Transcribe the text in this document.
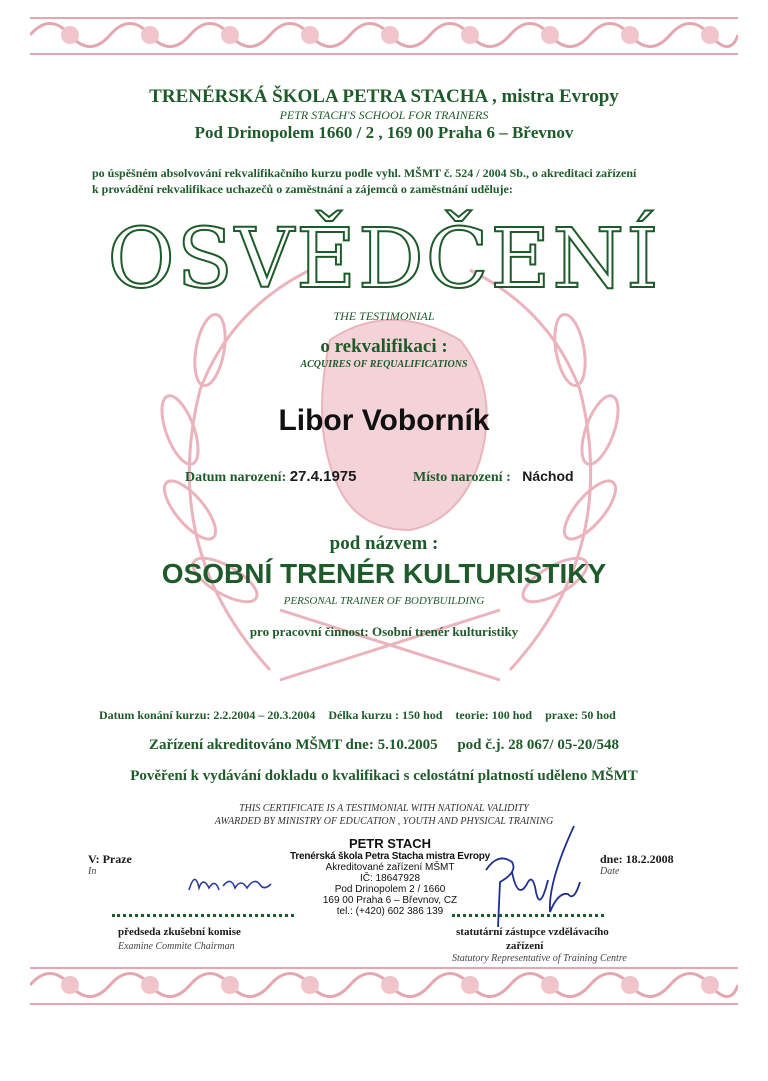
TRENÉRSKÁ ŠKOLA PETRA STACHA , mistra Evropy
PETR STACH'S SCHOOL FOR TRAINERS
Pod Drinopolem 1660 / 2 , 169 00 Praha 6 – Břevnov
po úspěšném absolvování rekvalifikačního kurzu podle vyhl. MŠMT č. 524 / 2004 Sb., o akreditaci zařízení
k provádění rekvalifikace uchazečů o zaměstnání a zájemců o zaměstnání uděluje:
OSVĚDČENÍ
THE TESTIMONIAL
o rekvalifikaci :
ACQUIRES OF REQUALIFICATIONS
Libor Voborník
Datum narození: 27.4.1975	Místo narození : Náchod
pod názvem :
OSOBNÍ TRENÉR KULTURISTIKY
PERSONAL TRAINER OF BODYBUILDING
pro pracovní činnost: Osobní trenér kulturistiky
Datum konání kurzu: 2.2.2004 – 20.3.2004 Délka kurzu : 150 hod teorie: 100 hod praxe: 50 hod
Zařízení akreditováno MŠMT dne: 5.10.2005 pod č.j. 28 067/ 05-20/548
Pověření k vydávání dokladu o kvalifikaci s celostátní platností uděleno MŠMT
THIS CERTIFICATE IS A TESTIMONIAL WITH NATIONAL VALIDITY
AWARDED BY MINISTRY OF EDUCATION , YOUTH AND PHYSICAL TRAINING
V: Praze
In
dne: 18.2.2008
Date
PETR STACH
Trenérská škola Petra Stacha mistra Evropy
Akreditované zařízení MŠMT
IČ: 18647928
Pod Drinopolem 2 / 1660
169 00 Praha 6 – Břevnov, CZ
tel.: (+420) 602 386 139
předseda zkušební komise
Examine Commite Chairman
statutární zástupce vzdělávacího
zařízení
Statutory Representative of Training Centre
